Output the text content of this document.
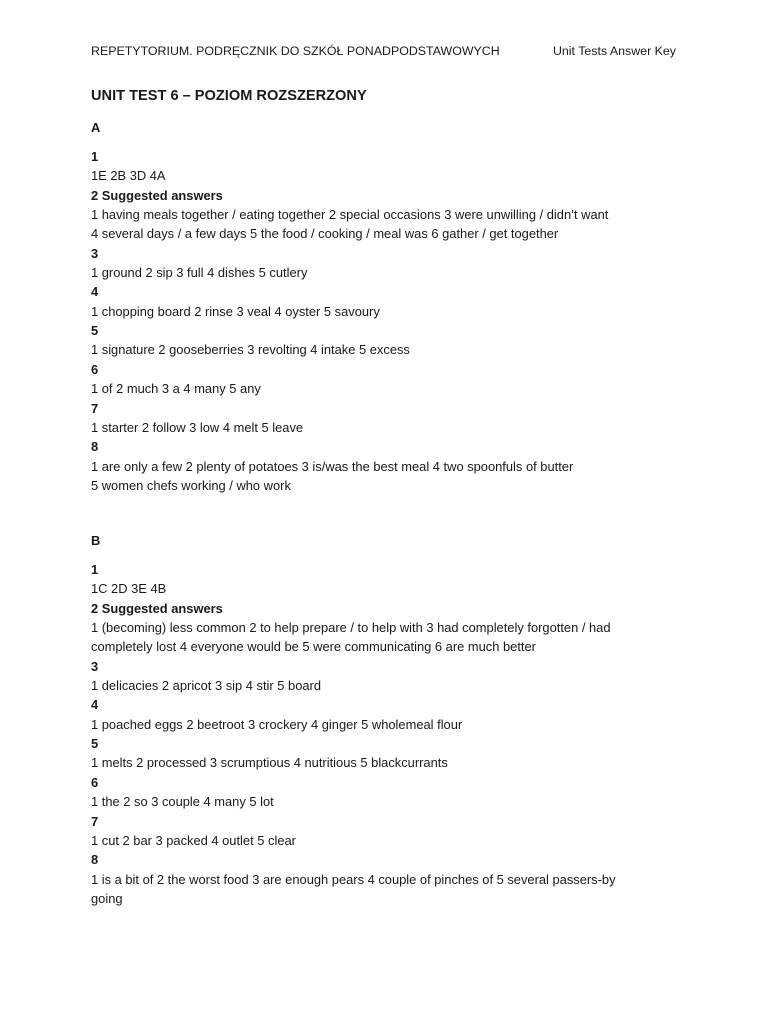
REPETYTORIUM. PODRĘCZNIK DO SZKÓŁ PONADPODSTAWOWYCH	Unit Tests Answer Key
UNIT TEST 6 – POZIOM ROZSZERZONY
A
1
1E 2B 3D 4A
2 Suggested answers
1 having meals together / eating together 2 special occasions 3 were unwilling / didn’t want
4 several days / a few days 5 the food / cooking / meal was 6 gather / get together
3
1 ground 2 sip 3 full 4 dishes 5 cutlery
4
1 chopping board 2 rinse 3 veal 4 oyster 5 savoury
5
1 signature 2 gooseberries 3 revolting 4 intake 5 excess
6
1 of 2 much 3 a 4 many 5 any
7
1 starter 2 follow 3 low 4 melt 5 leave
8
1 are only a few 2 plenty of potatoes 3 is/was the best meal 4 two spoonfuls of butter
5 women chefs working / who work
B
1
1C 2D 3E 4B
2 Suggested answers
1 (becoming) less common 2 to help prepare / to help with 3 had completely forgotten / had
completely lost 4 everyone would be 5 were communicating 6 are much better
3
1 delicacies 2 apricot 3 sip 4 stir 5 board
4
1 poached eggs 2 beetroot 3 crockery 4 ginger 5 wholemeal flour
5
1 melts 2 processed 3 scrumptious 4 nutritious 5 blackcurrants
6
1 the 2 so 3 couple 4 many 5 lot
7
1 cut 2 bar 3 packed 4 outlet 5 clear
8
1 is a bit of 2 the worst food 3 are enough pears 4 couple of pinches of 5 several passers-by
going
